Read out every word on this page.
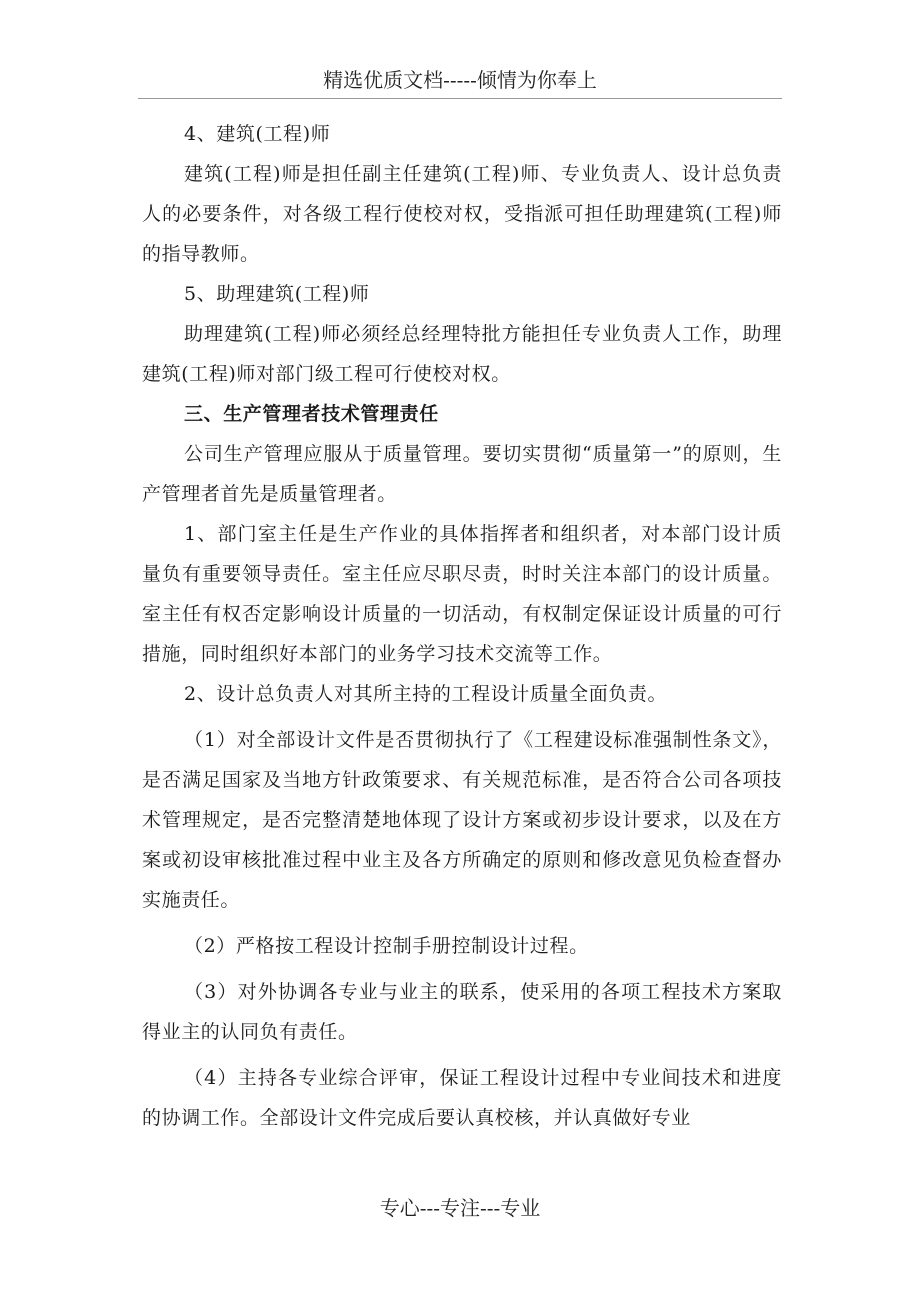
精选优质文档-----倾情为你奉上

4、建筑(工程)师

建筑(工程)师是担任副主任建筑(工程)师、专业负责人、设计总负责人的必要条件，对各级工程行使校对权，受指派可担任助理建筑(工程)师的指导教师。

5、助理建筑(工程)师

助理建筑(工程)师必须经总经理特批方能担任专业负责人工作，助理建筑(工程)师对部门级工程可行使校对权。

三、生产管理者技术管理责任

公司生产管理应服从于质量管理。要切实贯彻“质量第一”的原则，生产管理者首先是质量管理者。

1、部门室主任是生产作业的具体指挥者和组织者，对本部门设计质量负有重要领导责任。室主任应尽职尽责，时时关注本部门的设计质量。室主任有权否定影响设计质量的一切活动，有权制定保证设计质量的可行措施，同时组织好本部门的业务学习技术交流等工作。

2、设计总负责人对其所主持的工程设计质量全面负责。

（1）对全部设计文件是否贯彻执行了《工程建设标准强制性条文》，是否满足国家及当地方针政策要求、有关规范标准，是否符合公司各项技术管理规定，是否完整清楚地体现了设计方案或初步设计要求，以及在方案或初设审核批准过程中业主及各方所确定的原则和修改意见负检查督办实施责任。

（2）严格按工程设计控制手册控制设计过程。

（3）对外协调各专业与业主的联系，使采用的各项工程技术方案取得业主的认同负有责任。

（4）主持各专业综合评审，保证工程设计过程中专业间技术和进度的协调工作。全部设计文件完成后要认真校核，并认真做好专业

专心---专注---专业
